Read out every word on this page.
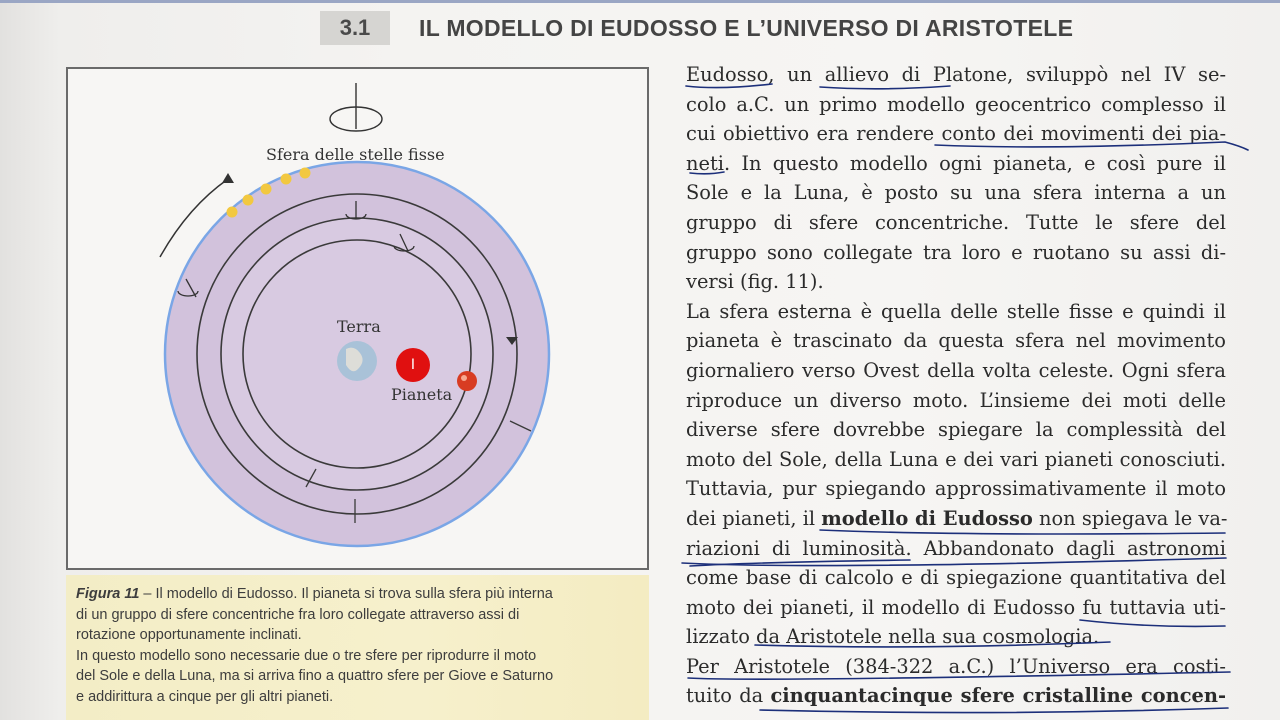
3.1	IL MODELLO DI EUDOSSO E L’UNIVERSO DI ARISTOTELE
Sfera delle stelle fisse
Terra
Pianeta
Figura 11 – Il modello di Eudosso. Il pianeta si trova sulla sfera più interna
di un gruppo di sfere concentriche fra loro collegate attraverso assi di
rotazione opportunamente inclinati.
In questo modello sono necessarie due o tre sfere per riprodurre il moto
del Sole e della Luna, ma si arriva fino a quattro sfere per Giove e Saturno
e addirittura a cinque per gli altri pianeti.
Eudosso, un allievo di Platone, sviluppò nel IV se-
colo a.C. un primo modello geocentrico complesso il
cui obiettivo era rendere conto dei movimenti dei pia-
neti. In questo modello ogni pianeta, e così pure il
Sole e la Luna, è posto su una sfera interna a un
gruppo di sfere concentriche. Tutte le sfere del
gruppo sono collegate tra loro e ruotano su assi di-
versi (fig. 11).
La sfera esterna è quella delle stelle fisse e quindi il
pianeta è trascinato da questa sfera nel movimento
giornaliero verso Ovest della volta celeste. Ogni sfera
riproduce un diverso moto. L’insieme dei moti delle
diverse sfere dovrebbe spiegare la complessità del
moto del Sole, della Luna e dei vari pianeti conosciuti.
Tuttavia, pur spiegando approssimativamente il moto
dei pianeti, il modello di Eudosso non spiegava le va-
riazioni di luminosità. Abbandonato dagli astronomi
come base di calcolo e di spiegazione quantitativa del
moto dei pianeti, il modello di Eudosso fu tuttavia uti-
lizzato da Aristotele nella sua cosmologia.
Per Aristotele (384-322 a.C.) l’Universo era costi-
tuito da cinquantacinque sfere cristalline concen-
I
